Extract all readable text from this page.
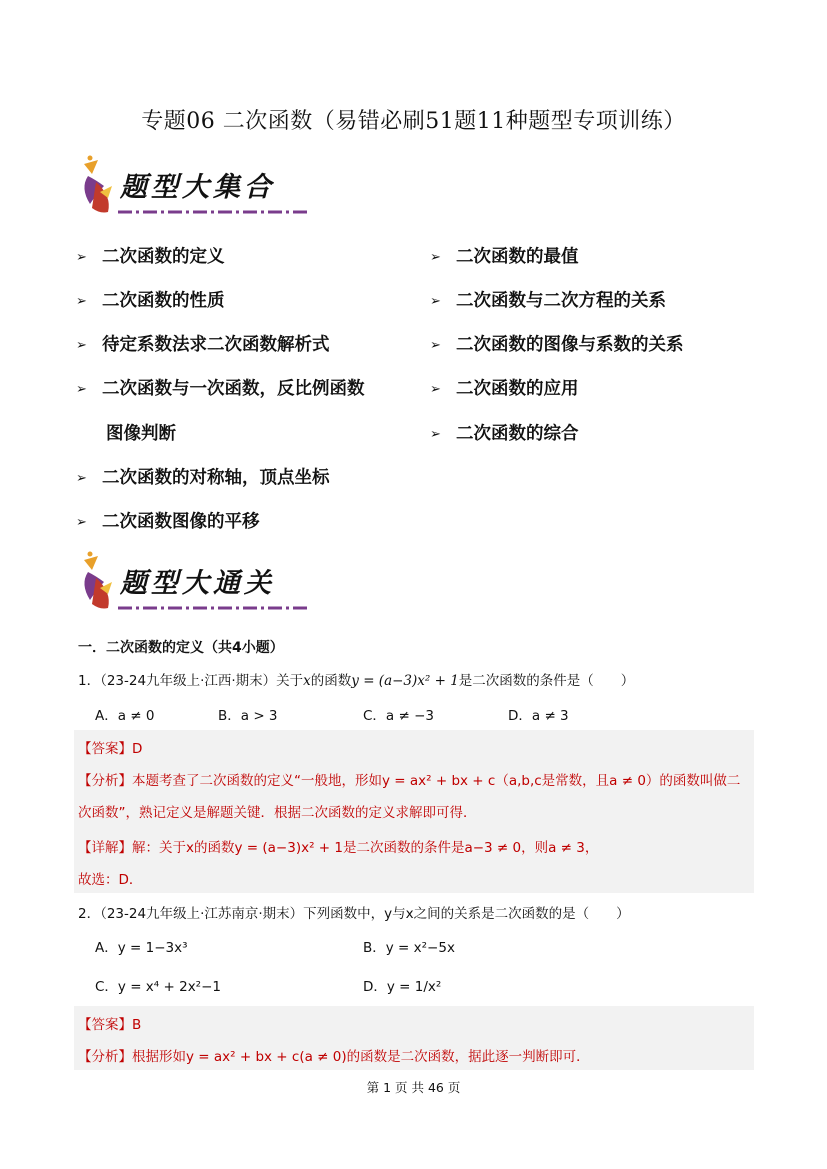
专题06 二次函数（易错必刷51题11种题型专项训练）
题型大集合
➢ 二次函数的定义
➢ 二次函数的性质
➢ 待定系数法求二次函数解析式
➢ 二次函数与一次函数，反比例函数
图像判断
➢ 二次函数的对称轴，顶点坐标
➢ 二次函数图像的平移
➢ 二次函数的最值
➢ 二次函数与二次方程的关系
➢ 二次函数的图像与系数的关系
➢ 二次函数的应用
➢ 二次函数的综合
题型大通关
一．二次函数的定义（共4小题）
1．（23-24九年级上·江西·期末）关于x的函数y = (a−3)x² + 1是二次函数的条件是（　　）
A．a ≠ 0	B．a > 3	C．a ≠ −3	D．a ≠ 3
【答案】D
【分析】本题考查了二次函数的定义“一般地，形如y = ax² + bx + c（a,b,c是常数，且a ≠ 0）的函数叫做二
次函数”，熟记定义是解题关键．根据二次函数的定义求解即可得．
【详解】解：关于x的函数y = (a−3)x² + 1是二次函数的条件是a−3 ≠ 0，则a ≠ 3，
故选：D．
2．（23-24九年级上·江苏南京·期末）下列函数中，y与x之间的关系是二次函数的是（　　）
A．y = 1−3x³	B．y = x²−5x
C．y = x⁴ + 2x²−1	D．y = 1/x²
【答案】B
【分析】根据形如y = ax² + bx + c(a ≠ 0)的函数是二次函数，据此逐一判断即可．
第 1 页 共 46 页
